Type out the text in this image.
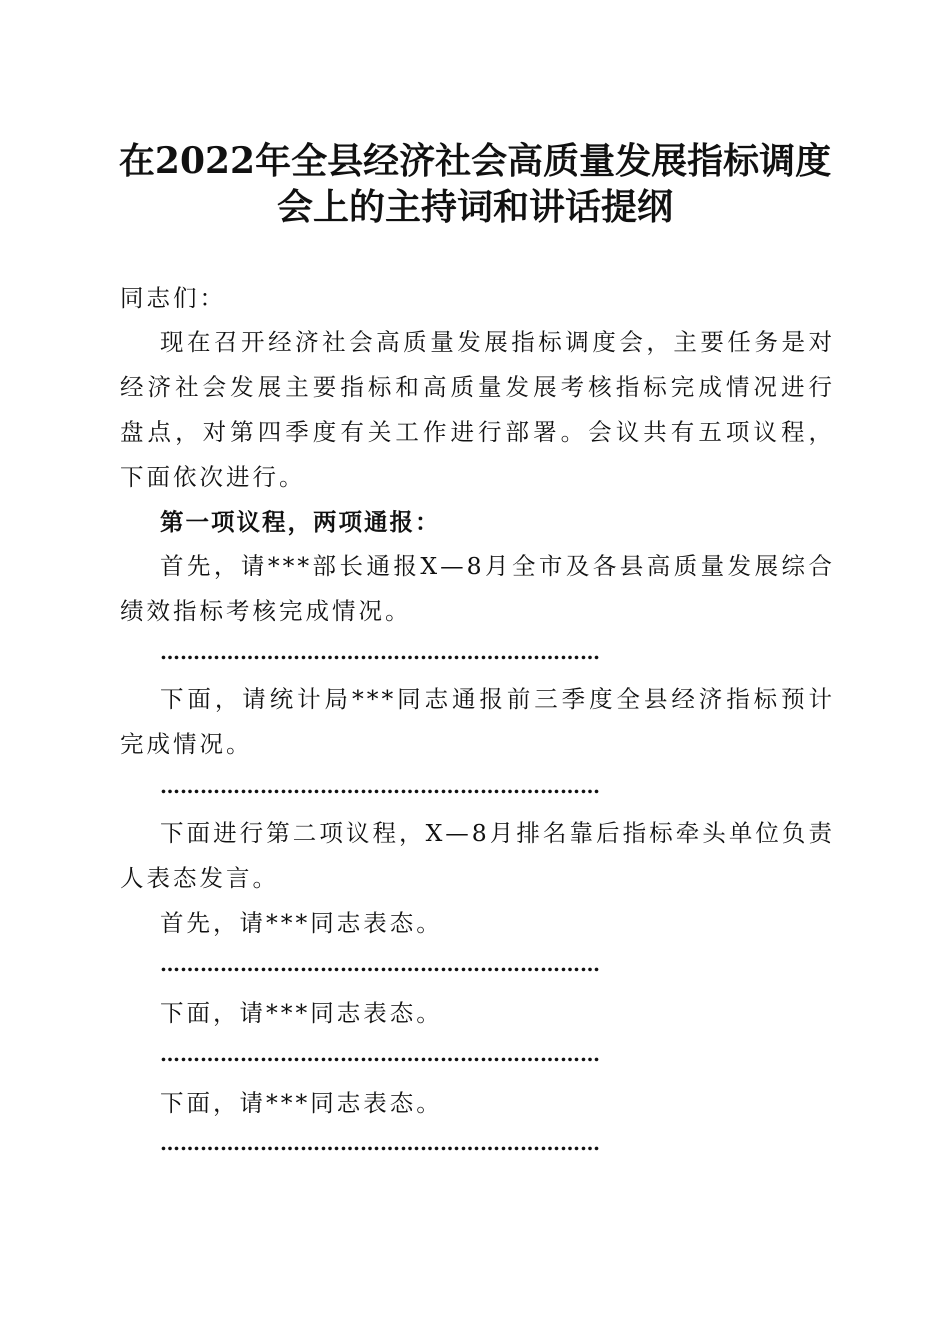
在2022年全县经济社会高质量发展指标调度
会上的主持词和讲话提纲
同志们：
现在召开经济社会高质量发展指标调度会，主要任务是对经济社会发展主要指标和高质量发展考核指标完成情况进行盘点，对第四季度有关工作进行部署。会议共有五项议程，下面依次进行。
第一项议程，两项通报：
首先，请***部长通报X—8月全市及各县高质量发展综合绩效指标考核完成情况。
…………………………………………………………
下面，请统计局***同志通报前三季度全县经济指标预计完成情况。
…………………………………………………………
下面进行第二项议程，X—8月排名靠后指标牵头单位负责人表态发言。
首先，请***同志表态。
…………………………………………………………
下面，请***同志表态。
…………………………………………………………
下面，请***同志表态。
…………………………………………………………
